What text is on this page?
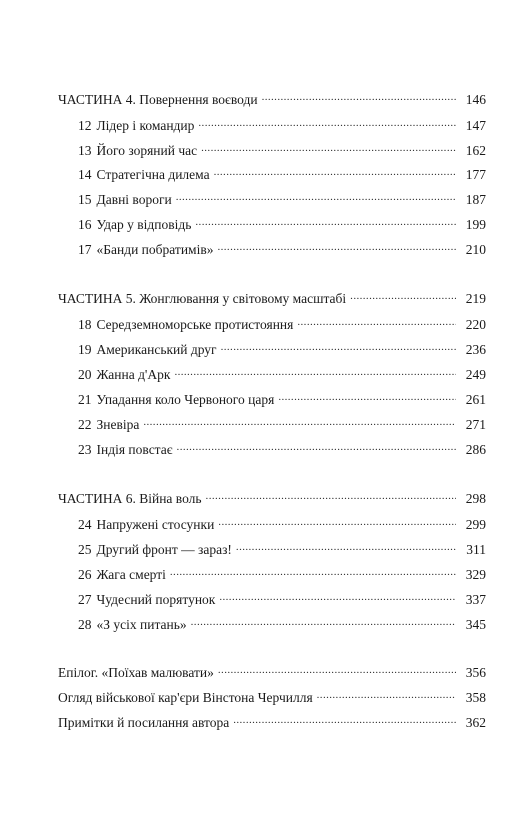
ЧАСТИНА 4. Повернення воєводи .....	146
12 Лідер і командир .....	147
13 Його зоряний час .....	162
14 Стратегічна дилема .....	177
15 Давні вороги .....	187
16 Удар у відповідь .....	199
17 «Банди побратимів» .....	210
ЧАСТИНА 5. Жонглювання у світовому масштабі .....	219
18 Середземноморське протистояння .....	220
19 Американський друг .....	236
20 Жанна д'Арк .....	249
21 Упадання коло Червоного царя .....	261
22 Зневіра .....	271
23 Індія повстає .....	286
ЧАСТИНА 6. Війна воль .....	298
24 Напружені стосунки .....	299
25 Другий фронт — зараз! .....	311
26 Жага смерті .....	329
27 Чудесний порятунок .....	337
28 «З усіх питань» .....	345
Епілог. «Поїхав малювати» .....	356
Огляд військової кар'єри Вінстона Черчилля .....	358
Примітки й посилання автора .....	362
